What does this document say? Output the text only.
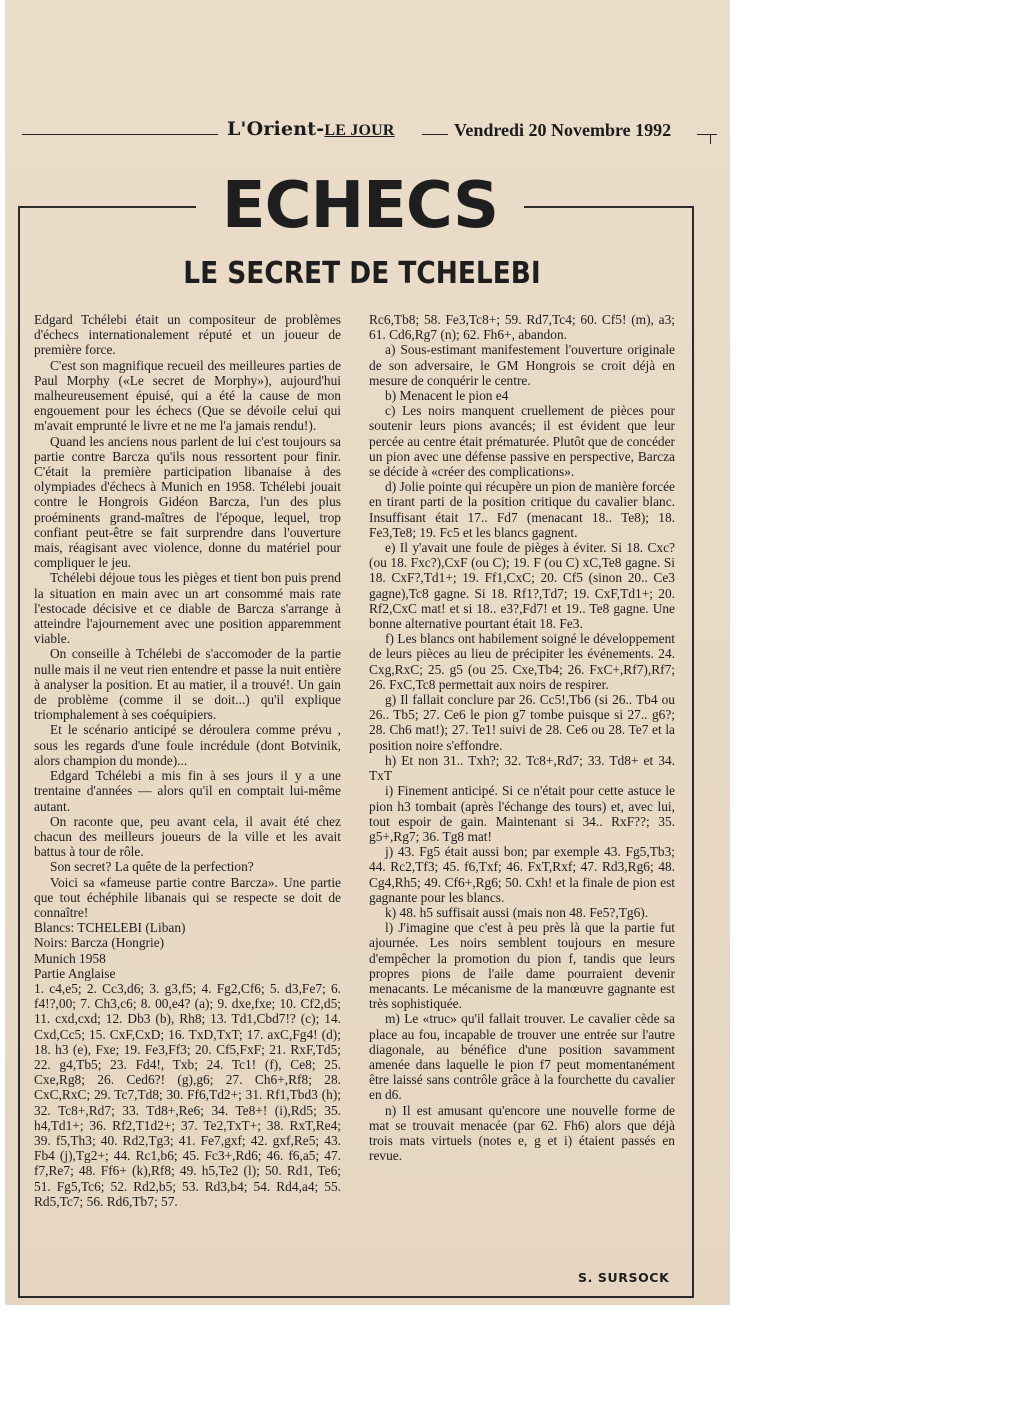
L'Orient-LE JOUR	Vendredi 20 Novembre 1992
ECHECS
LE SECRET DE TCHELEBI

Edgard Tchélebi était un compositeur de problèmes d'échecs internationalement réputé et un joueur de première force.

C'est son magnifique recueil des meilleures parties de Paul Morphy («Le secret de Morphy»), aujourd'hui malheureusement épuisé, qui a été la cause de mon engouement pour les échecs (Que se dévoile celui qui m'avait emprunté le livre et ne me l'a jamais rendu!).

Quand les anciens nous parlent de lui c'est toujours sa partie contre Barcza qu'ils nous ressortent pour finir. C'était la première participation libanaise à des olympiades d'échecs à Munich en 1958. Tchélebi jouait contre le Hongrois Gidéon Barcza, l'un des plus proéminents grand-maîtres de l'époque, lequel, trop confiant peut-être se fait surprendre dans l'ouverture mais, réagisant avec violence, donne du matériel pour compliquer le jeu.

Tchélebi déjoue tous les pièges et tient bon puis prend la situation en main avec un art consommé mais rate l'estocade décisive et ce diable de Barcza s'arrange à atteindre l'ajournement avec une position apparemment viable.

On conseille à Tchélebi de s'accomoder de la partie nulle mais il ne veut rien entendre et passe la nuit entière à analyser la position. Et au matier, il a trouvé!. Un gain de problème (comme il se doit...) qu'il explique triomphalement à ses coéquipiers.

Et le scénario anticipé se déroulera comme prévu , sous les regards d'une foule incrédule (dont Botvinik, alors champion du monde)...

Edgard Tchélebi a mis fin à ses jours il y a une trentaine d'années — alors qu'il en comptait lui-même autant.

On raconte que, peu avant cela, il avait été chez chacun des meilleurs joueurs de la ville et les avait battus à tour de rôle.

Son secret? La quête de la perfection?

Voici sa «fameuse partie contre Barcza». Une partie que tout échéphile libanais qui se respecte se doit de connaître!

Blancs: TCHELEBI (Liban)

Noirs: Barcza (Hongrie)

Munich 1958

Partie Anglaise

1. c4,e5; 2. Cc3,d6; 3. g3,f5; 4. Fg2,Cf6; 5. d3,Fe7; 6. f4!?,00; 7. Ch3,c6; 8. 00,e4? (a); 9. dxe,fxe; 10. Cf2,d5; 11. cxd,cxd; 12. Db3 (b), Rh8; 13. Td1,Cbd7!? (c); 14. Cxd,Cc5; 15. CxF,CxD; 16. TxD,TxT; 17. axC,Fg4! (d); 18. h3 (e), Fxe; 19. Fe3,Ff3; 20. Cf5,FxF; 21. RxF,Td5; 22. g4,Tb5; 23. Fd4!, Txb; 24. Tc1! (f), Ce8; 25. Cxe,Rg8; 26. Ced6?! (g),g6; 27. Ch6+,Rf8; 28. CxC,RxC; 29. Tc7,Td8; 30. Ff6,Td2+; 31. Rf1,Tbd3 (h); 32. Tc8+,Rd7; 33. Td8+,Re6; 34. Te8+! (i),Rd5; 35. h4,Td1+; 36. Rf2,T1d2+; 37. Te2,TxT+; 38. RxT,Re4; 39. f5,Th3; 40. Rd2,Tg3; 41. Fe7,gxf; 42. gxf,Re5; 43. Fb4 (j),Tg2+; 44. Rc1,b6; 45. Fc3+,Rd6; 46. f6,a5; 47. f7,Re7; 48. Ff6+ (k),Rf8; 49. h5,Te2 (l); 50. Rd1, Te6; 51. Fg5,Tc6; 52. Rd2,b5; 53. Rd3,b4; 54. Rd4,a4; 55. Rd5,Tc7; 56. Rd6,Tb7; 57.

Rc6,Tb8; 58. Fe3,Tc8+; 59. Rd7,Tc4; 60. Cf5! (m), a3; 61. Cd6,Rg7 (n); 62. Fh6+, abandon.

a) Sous-estimant manifestement l'ouverture originale de son adversaire, le GM Hongrois se croit déjà en mesure de conquérir le centre.

b) Menacent le pion e4

c) Les noirs manquent cruellement de pièces pour soutenir leurs pions avancés; il est évident que leur percée au centre était prématurée. Plutôt que de concéder un pion avec une défense passive en perspective, Barcza se décide à «créer des complications».

d) Jolie pointe qui récupère un pion de manière forcée en tirant parti de la position critique du cavalier blanc. Insuffisant était 17.. Fd7 (menacant 18.. Te8); 18. Fe3,Te8; 19. Fc5 et les blancs gagnent.

e) Il y'avait une foule de pièges à éviter. Si 18. Cxc? (ou 18. Fxc?),CxF (ou C); 19. F (ou C) xC,Te8 gagne. Si 18. CxF?,Td1+; 19. Ff1,CxC; 20. Cf5 (sinon 20.. Ce3 gagne),Tc8 gagne. Si 18. Rf1?,Td7; 19. CxF,Td1+; 20. Rf2,CxC mat! et si 18.. e3?,Fd7! et 19.. Te8 gagne. Une bonne alternative pourtant était 18. Fe3.

f) Les blancs ont habilement soigné le développement de leurs pièces au lieu de précipiter les événements. 24. Cxg,RxC; 25. g5 (ou 25. Cxe,Tb4; 26. FxC+,Rf7),Rf7; 26. FxC,Tc8 permettait aux noirs de respirer.

g) Il fallait conclure par 26. Cc5!,Tb6 (si 26.. Tb4 ou 26.. Tb5; 27. Ce6 le pion g7 tombe puisque si 27.. g6?; 28. Ch6 mat!); 27. Te1! suivi de 28. Ce6 ou 28. Te7 et la position noire s'effondre.

h) Et non 31.. Txh?; 32. Tc8+,Rd7; 33. Td8+ et 34. TxT

i) Finement anticipé. Si ce n'était pour cette astuce le pion h3 tombait (après l'échange des tours) et, avec lui, tout espoir de gain. Maintenant si 34.. RxF??; 35. g5+,Rg7; 36. Tg8 mat!

j) 43. Fg5 était aussi bon; par exemple 43. Fg5,Tb3; 44. Rc2,Tf3; 45. f6,Txf; 46. FxT,Rxf; 47. Rd3,Rg6; 48. Cg4,Rh5; 49. Cf6+,Rg6; 50. Cxh! et la finale de pion est gagnante pour les blancs.

k) 48. h5 suffisait aussi (mais non 48. Fe5?,Tg6).

l) J'imagine que c'est à peu près là que la partie fut ajournée. Les noirs semblent toujours en mesure d'empêcher la promotion du pion f, tandis que leurs propres pions de l'aile dame pourraient devenir menacants. Le mécanisme de la manœuvre gagnante est très sophistiquée.

m) Le «truc» qu'il fallait trouver. Le cavalier cède sa place au fou, incapable de trouver une entrée sur l'autre diagonale, au bénéfice d'une position savamment amenée dans laquelle le pion f7 peut momentanément être laissé sans contrôle grâce à la fourchette du cavalier en d6.

n) Il est amusant qu'encore une nouvelle forme de mat se trouvait menacée (par 62. Fh6) alors que déjà trois mats virtuels (notes e, g et i) étaient passés en revue.

S. SURSOCK
